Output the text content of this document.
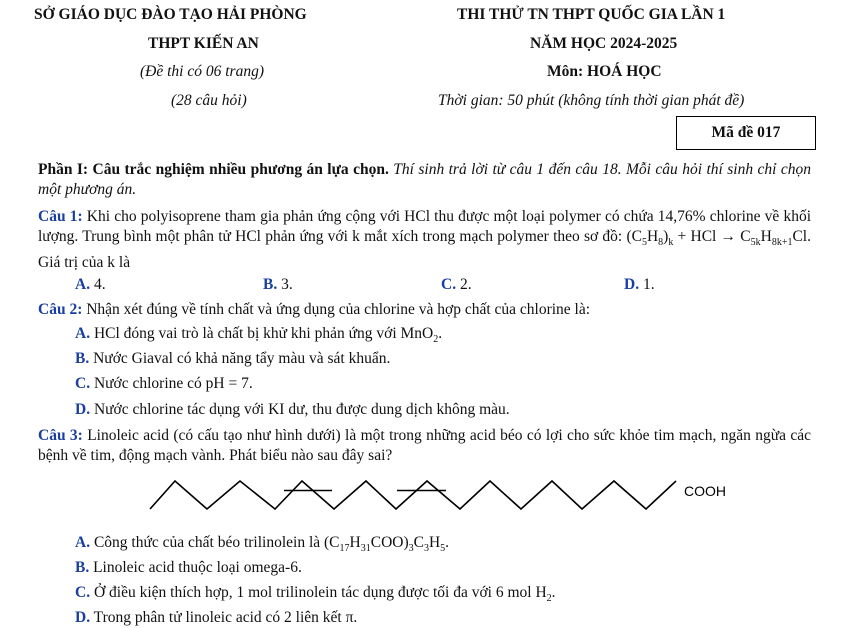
SỞ GIÁO DỤC ĐÀO TẠO HẢI PHÒNG
THPT KIẾN AN
(Đề thi có 06 trang)
(28 câu hỏi)
THI THỬ TN THPT QUỐC GIA LẦN 1
NĂM HỌC 2024-2025
Môn: HOÁ HỌC
Thời gian: 50 phút (không tính thời gian phát đề)
Mã đề 017
Phần I: Câu trắc nghiệm nhiều phương án lựa chọn. Thí sinh trả lời từ câu 1 đến câu 18. Mỗi câu hỏi thí sinh chỉ chọn một phương án.
Câu 1: Khi cho polyisoprene tham gia phản ứng cộng với HCl thu được một loại polymer có chứa 14,76% chlorine về khối lượng. Trung bình một phân tử HCl phản ứng với k mắt xích trong mạch polymer theo sơ đồ: $(C_5H_8)_k$ + HCl → $C_{5k}H_{8k+1}Cl$. Giá trị của k là
A. 4.	B. 3.	C. 2.	D. 1.
Câu 2: Nhận xét đúng về tính chất và ứng dụng của chlorine và hợp chất của chlorine là:
A. HCl đóng vai trò là chất bị khử khi phản ứng với MnO$_2$.
B. Nước Giaval có khả năng tẩy màu và sát khuẩn.
C. Nước chlorine có pH = 7.
D. Nước chlorine tác dụng với KI dư, thu được dung dịch không màu.
Câu 3: Linoleic acid (có cấu tạo như hình dưới) là một trong những acid béo có lợi cho sức khỏe tim mạch, ngăn ngừa các bệnh về tim, động mạch vành. Phát biểu nào sau đây sai?
COOH
A. Công thức của chất béo trilinolein là $(C_{17}H_{31}COO)_3C_3H_5$.
B. Linoleic acid thuộc loại omega-6.
C. Ở điều kiện thích hợp, 1 mol trilinolein tác dụng được tối đa với 6 mol $H_2$.
D. Trong phân tử linoleic acid có 2 liên kết π.
